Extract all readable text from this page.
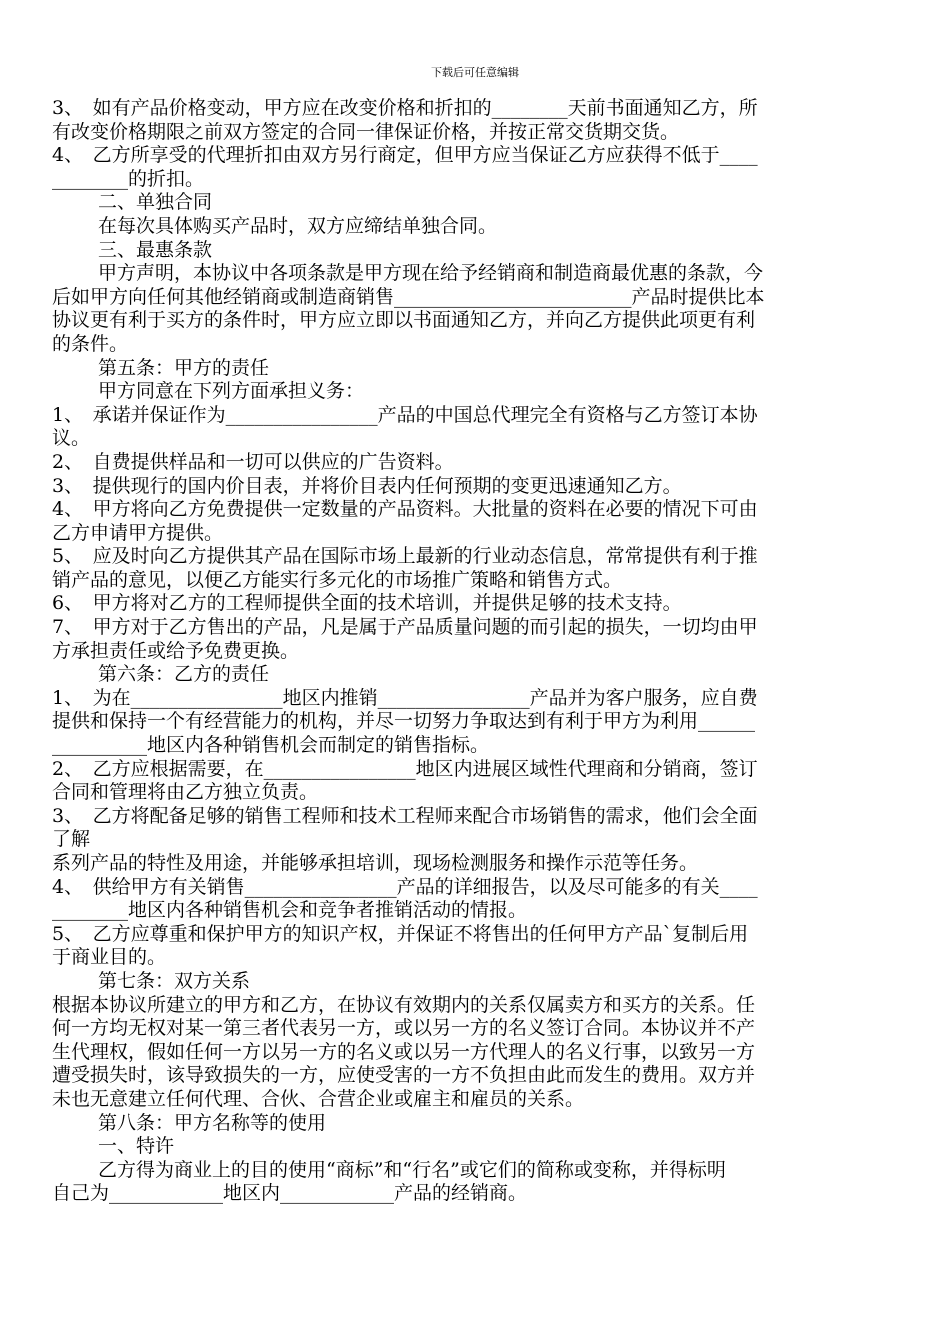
下载后可任意编辑
3、　如有产品价格变动，甲方应在改变价格和折扣的________天前书面通知乙方，所
有改变价格期限之前双方签定的合同一律保证价格，并按正常交货期交货。
4、　乙方所享受的代理折扣由双方另行商定，但甲方应当保证乙方应获得不低于____
________的折扣。
二、单独合同
在每次具体购买产品时，双方应缔结单独合同。
三、最惠条款
甲方声明，本协议中各项条款是甲方现在给予经销商和制造商最优惠的条款，今
后如甲方向任何其他经销商或制造商销售_________________________产品时提供比本
协议更有利于买方的条件时，甲方应立即以书面通知乙方，并向乙方提供此项更有利
的条件。
第五条：甲方的责任
甲方同意在下列方面承担义务：
1、　承诺并保证作为________________产品的中国总代理完全有资格与乙方签订本协
议。
2、　自费提供样品和一切可以供应的广告资料。
3、　提供现行的国内价目表，并将价目表内任何预期的变更迅速通知乙方。
4、　甲方将向乙方免费提供一定数量的产品资料。大批量的资料在必要的情况下可由
乙方申请甲方提供。
5、　应及时向乙方提供其产品在国际市场上最新的行业动态信息，常常提供有利于推
销产品的意见，以便乙方能实行多元化的市场推广策略和销售方式。
6、　甲方将对乙方的工程师提供全面的技术培训，并提供足够的技术支持。
7、　甲方对于乙方售出的产品，凡是属于产品质量问题的而引起的损失，一切均由甲
方承担责任或给予免费更换。
第六条：乙方的责任
1、　为在________________地区内推销________________产品并为客户服务，应自费
提供和保持一个有经营能力的机构，并尽一切努力争取达到有利于甲方为利用______
__________地区内各种销售机会而制定的销售指标。
2、　乙方应根据需要，在________________地区内进展区域性代理商和分销商，签订
合同和管理将由乙方独立负责。
3、　乙方将配备足够的销售工程师和技术工程师来配合市场销售的需求，他们会全面
了解
系列产品的特性及用途，并能够承担培训，现场检测服务和操作示范等任务。
4、　供给甲方有关销售________________产品的详细报告，以及尽可能多的有关____
________地区内各种销售机会和竞争者推销活动的情报。
5、　乙方应尊重和保护甲方的知识产权，并保证不将售出的任何甲方产品`复制后用
于商业目的。
第七条：双方关系
根据本协议所建立的甲方和乙方，在协议有效期内的关系仅属卖方和买方的关系。任
何一方均无权对某一第三者代表另一方，或以另一方的名义签订合同。本协议并不产
生代理权，假如任何一方以另一方的名义或以另一方代理人的名义行事，以致另一方
遭受损失时，该导致损失的一方，应使受害的一方不负担由此而发生的费用。双方并
未也无意建立任何代理、合伙、合营企业或雇主和雇员的关系。
第八条：甲方名称等的使用
一、特许
乙方得为商业上的目的使用“商标”和“行名”或它们的简称或变称，并得标明
自己为____________地区内____________产品的经销商。
